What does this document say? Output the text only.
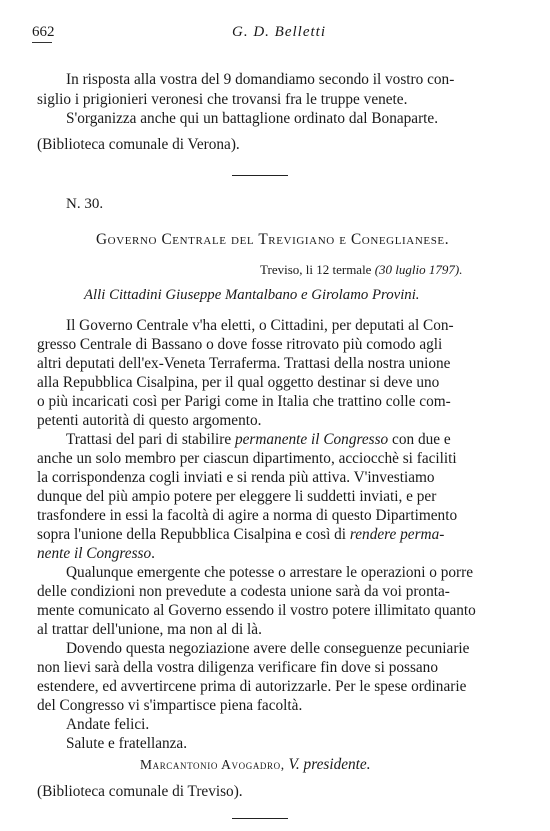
662	G. D. Belletti

In risposta alla vostra del 9 domandiamo secondo il vostro con-

siglio i prigionieri veronesi che trovansi fra le truppe venete.

S'organizza anche qui un battaglione ordinato dal Bonaparte.

(Biblioteca comunale di Verona).

N. 30.

Governo Centrale del Trevigiano e Coneglianese.

Treviso, li 12 termale (30 luglio 1797).

Alli Cittadini Giuseppe Mantalbano e Girolamo Provini.

Il Governo Centrale v'ha eletti, o Cittadini, per deputati al Con-

gresso Centrale di Bassano o dove fosse ritrovato più comodo agli

altri deputati dell'ex-Veneta Terraferma. Trattasi della nostra unione

alla Repubblica Cisalpina, per il qual oggetto destinar si deve uno

o più incaricati così per Parigi come in Italia che trattino colle com-

petenti autorità di questo argomento.

Trattasi del pari di stabilire permanente il Congresso con due e

anche un solo membro per ciascun dipartimento, acciocchè si faciliti

la corrispondenza cogli inviati e si renda più attiva. V'investiamo

dunque del più ampio potere per eleggere li suddetti inviati, e per

trasfondere in essi la facoltà di agire a norma di questo Dipartimento

sopra l'unione della Repubblica Cisalpina e così di rendere perma-

nente il Congresso.

Qualunque emergente che potesse o arrestare le operazioni o porre

delle condizioni non prevedute a codesta unione sarà da voi pronta-

mente comunicato al Governo essendo il vostro potere illimitato quanto

al trattar dell'unione, ma non al di là.

Dovendo questa negoziazione avere delle conseguenze pecuniarie

non lievi sarà della vostra diligenza verificare fin dove si possano

estendere, ed avvertircene prima di autorizzarle. Per le spese ordinarie

del Congresso vi s'impartisce piena facoltà.

Andate felici.

Salute e fratellanza.

Marcantonio Avogadro, V. presidente.

(Biblioteca comunale di Treviso).
